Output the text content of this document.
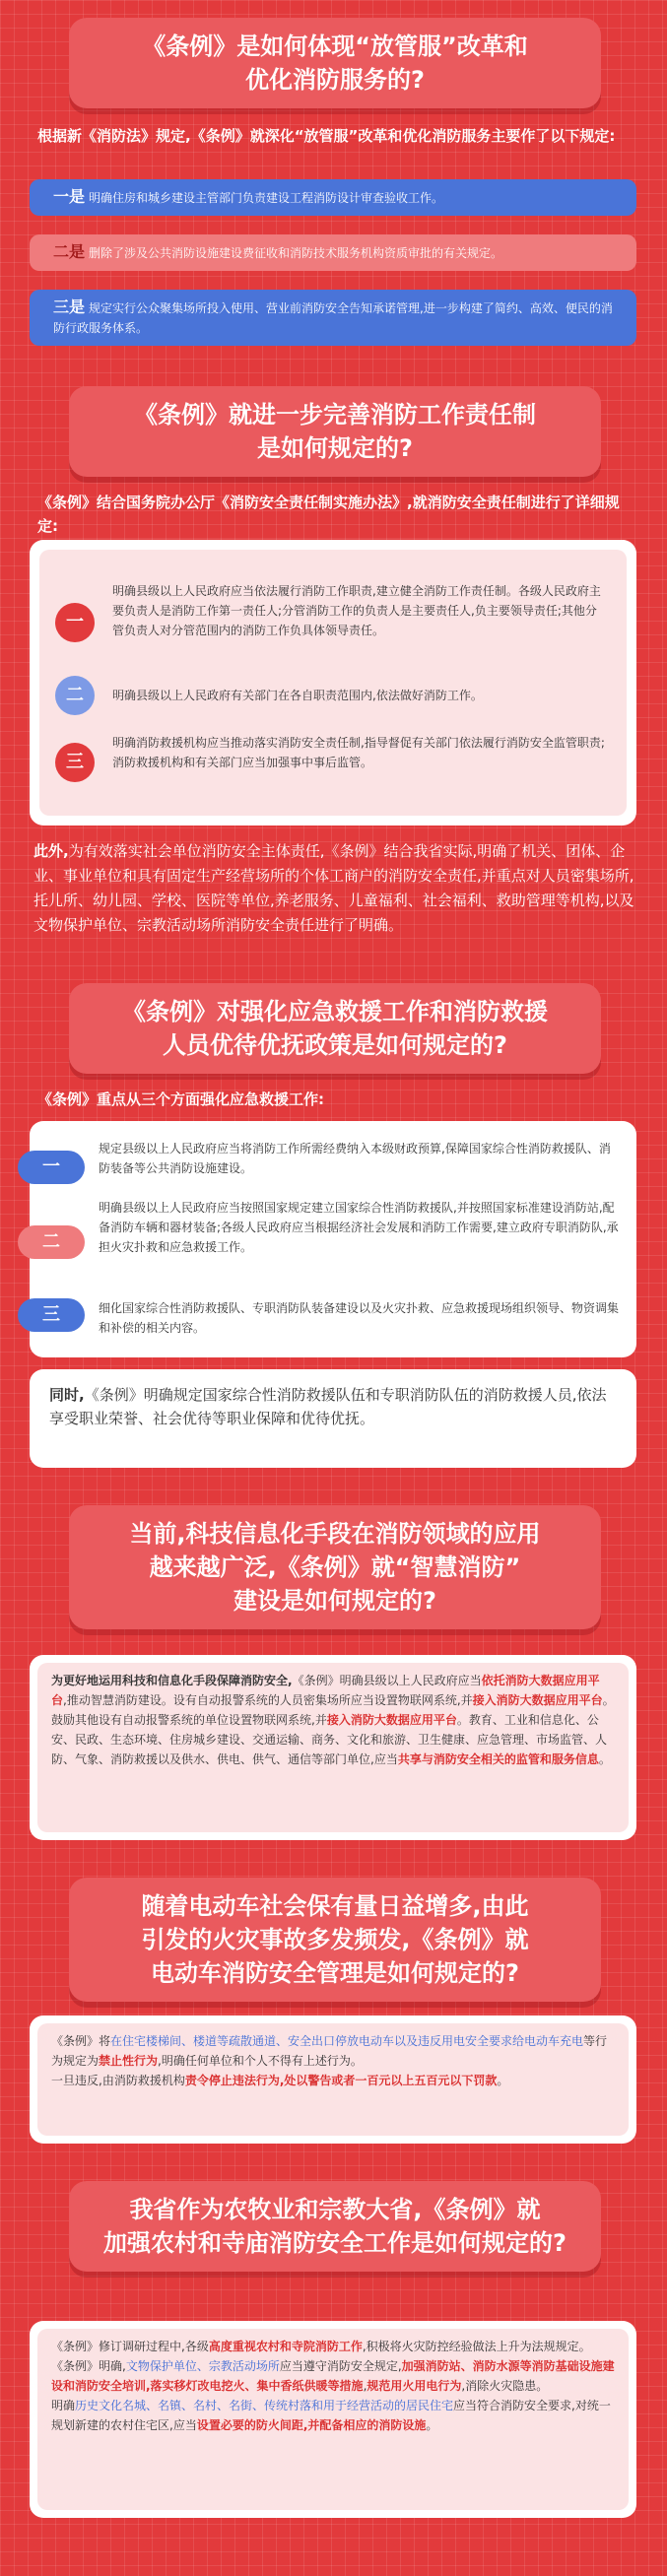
《条例》是如何体现“放管服”改革和
优化消防服务的?
根据新《消防法》规定,《条例》就深化“放管服”改革和优化消防服务主要作了以下规定:
一是 明确住房和城乡建设主管部门负责建设工程消防设计审查验收工作。
二是 删除了涉及公共消防设施建设费征收和消防技术服务机构资质审批的有关规定。
三是 规定实行公众聚集场所投入使用、营业前消防安全告知承诺管理,进一步构建了简约、高效、便民的消防行政服务体系。
《条例》就进一步完善消防工作责任制
是如何规定的?
《条例》结合国务院办公厅《消防安全责任制实施办法》,就消防安全责任制进行了详细规定:
一
明确县级以上人民政府应当依法履行消防工作职责,建立健全消防工作责任制。各级人民政府主要负责人是消防工作第一责任人;分管消防工作的负责人是主要责任人,负主要领导责任;其他分管负责人对分管范围内的消防工作负具体领导责任。
二	明确县级以上人民政府有关部门在各自职责范围内,依法做好消防工作。
三
明确消防救援机构应当推动落实消防安全责任制,指导督促有关部门依法履行消防安全监管职责;消防救援机构和有关部门应当加强事中事后监管。
此外,为有效落实社会单位消防安全主体责任,《条例》结合我省实际,明确了机关、团体、企业、事业单位和具有固定生产经营场所的个体工商户的消防安全责任,并重点对人员密集场所,托儿所、幼儿园、学校、医院等单位,养老服务、儿童福利、社会福利、救助管理等机构,以及文物保护单位、宗教活动场所消防安全责任进行了明确。
《条例》对强化应急救援工作和消防救援
人员优待优抚政策是如何规定的?
《条例》重点从三个方面强化应急救援工作:
规定县级以上人民政府应当将消防工作所需经费纳入本级财政预算,保障国家综合性消防救援队、消防装备等公共消防设施建设。
明确县级以上人民政府应当按照国家规定建立国家综合性消防救援队,并按照国家标准建设消防站,配备消防车辆和器材装备;各级人民政府应当根据经济社会发展和消防工作需要,建立政府专职消防队,承担火灾扑救和应急救援工作。
细化国家综合性消防救援队、专职消防队装备建设以及火灾扑救、应急救援现场组织领导、物资调集和补偿的相关内容。
一
二
三
同时,《条例》明确规定国家综合性消防救援队伍和专职消防队伍的消防救援人员,依法享受职业荣誉、社会优待等职业保障和优待优抚。
当前,科技信息化手段在消防领域的应用
越来越广泛,《条例》就“智慧消防”
建设是如何规定的?
为更好地运用科技和信息化手段保障消防安全,《条例》明确县级以上人民政府应当依托消防大数据应用平台,推动智慧消防建设。设有自动报警系统的人员密集场所应当设置物联网系统,并接入消防大数据应用平台。鼓励其他设有自动报警系统的单位设置物联网系统,并接入消防大数据应用平台。教育、工业和信息化、公安、民政、生态环境、住房城乡建设、交通运输、商务、文化和旅游、卫生健康、应急管理、市场监管、人防、气象、消防救援以及供水、供电、供气、通信等部门单位,应当共享与消防安全相关的监管和服务信息。
随着电动车社会保有量日益增多,由此
引发的火灾事故多发频发,《条例》就
电动车消防安全管理是如何规定的?
《条例》将在住宅楼梯间、楼道等疏散通道、安全出口停放电动车以及违反用电安全要求给电动车充电等行为规定为禁止性行为,明确任何单位和个人不得有上述行为。
一旦违反,由消防救援机构责令停止违法行为,处以警告或者一百元以上五百元以下罚款。
我省作为农牧业和宗教大省,《条例》就
加强农村和寺庙消防安全工作是如何规定的?
《条例》修订调研过程中,各级高度重视农村和寺院消防工作,积极将火灾防控经验做法上升为法规规定。
《条例》明确,文物保护单位、宗教活动场所应当遵守消防安全规定,加强消防站、消防水源等消防基础设施建设和消防安全培训,落实移灯改电挖火、集中香纸供暖等措施,规范用火用电行为,消除火灾隐患。
明确历史文化名城、名镇、名村、名街、传统村落和用于经营活动的居民住宅应当符合消防安全要求,对统一规划新建的农村住宅区,应当设置必要的防火间距,并配备相应的消防设施。
